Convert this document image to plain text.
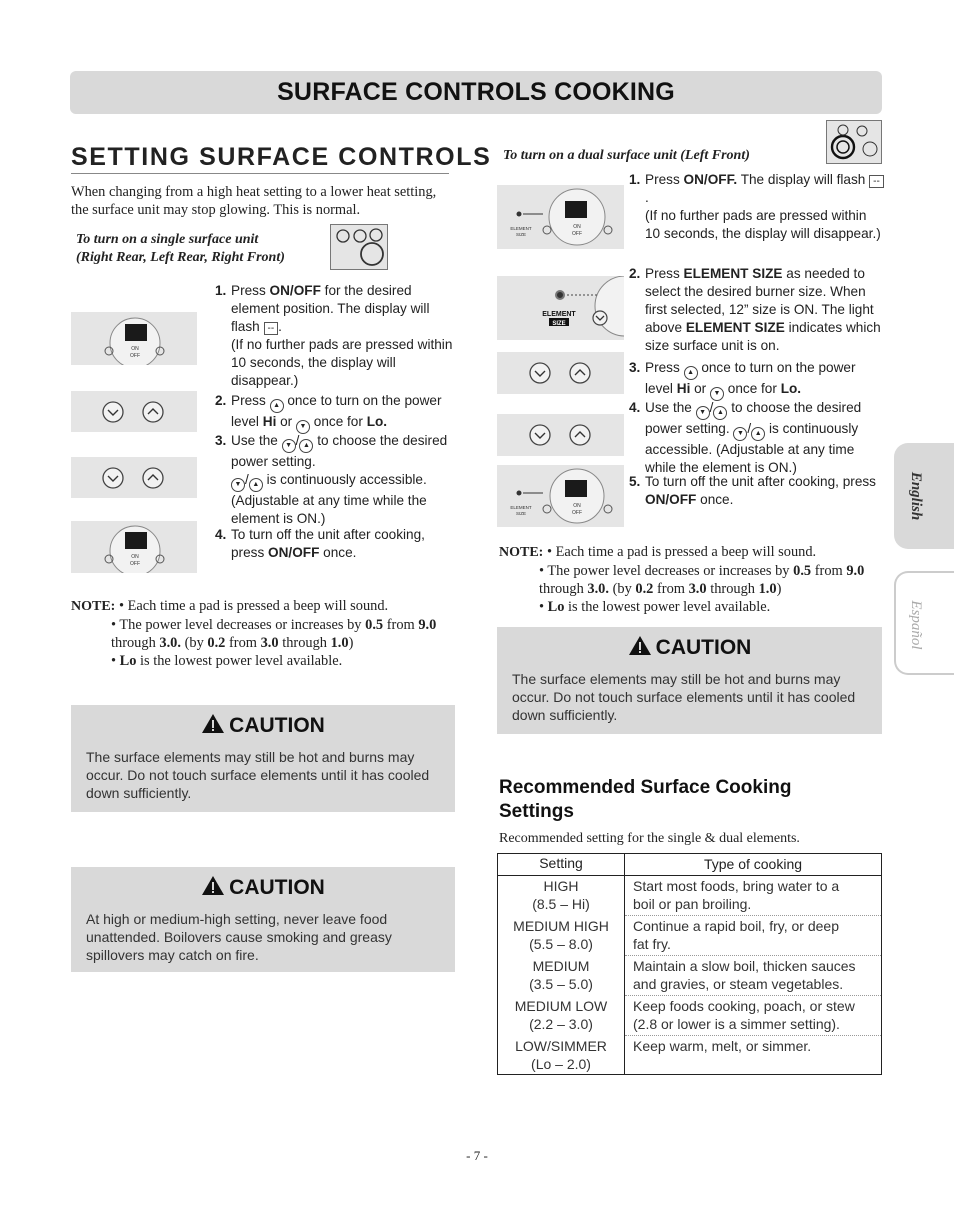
SURFACE CONTROLS COOKING
SETTING SURFACE CONTROLS
When changing from a high heat setting to a lower heat setting, the surface unit may stop glowing. This is normal.
To turn on a single surface unit
(Right Rear, Left Rear, Right Front)
ON
OFF
ON
OFF
1. Press ON/OFF for the desired element position. The display will flash -- .
(If no further pads are pressed within 10 seconds, the display will disappear.)
2. Press ▲ once to turn on the power level Hi or ▼ once for Lo.
3. Use the ▼ / ▲ to choose the desired power setting.
▼ / ▲ is continuously accessible. (Adjustable at any time while the element is ON.)
4. To turn off the unit after cooking, press ON/OFF once.
NOTE: • Each time a pad is pressed a beep will sound.
• The power level decreases or increases by 0.5 from 9.0 through 3.0. (by 0.2 from 3.0 through 1.0)
• Lo is the lowest power level available.
CAUTION
The surface elements may still be hot and burns may occur. Do not touch surface elements until it has cooled down sufficiently.
CAUTION
At high or medium-high setting, never leave food unattended. Boilovers cause smoking and greasy spillovers may catch on fire.
To turn on a dual surface unit (Left Front)
ON
OFF
ELEMENT
SIZE
ELEMENT
SIZE
ON
OFF
ELEMENT
SIZE
1. Press ON/OFF. The display will flash --.
(If no further pads are pressed within 10 seconds, the display will disappear.)
2. Press ELEMENT SIZE as needed to select the desired burner size. When first selected, 12” size is ON. The light above ELEMENT SIZE indicates which size surface unit is on.
3. Press ▲ once to turn on the power level Hi or ▼ once for Lo.
4. Use the ▼ / ▲ to choose the desired power setting. ▼ / ▲ is continuously accessible. (Adjustable at any time while the element is ON.)
5. To turn off the unit after cooking, press ON/OFF once.
NOTE: • Each time a pad is pressed a beep will sound.
• The power level decreases or increases by 0.5 from 9.0 through 3.0. (by 0.2 from 3.0 through 1.0)
• Lo is the lowest power level available.
CAUTION
The surface elements may still be hot and burns may occur. Do not touch surface elements until it has cooled down sufficiently.
Recommended Surface Cooking
Settings
Recommended setting for the single & dual elements.
Setting	Type of cooking
HIGH
(8.5 – Hi)
Start most foods, bring water to a
boil or pan broiling.
MEDIUM HIGH
(5.5 – 8.0)
Continue a rapid boil, fry, or deep
fat fry.
MEDIUM
(3.5 – 5.0)
Maintain a slow boil, thicken sauces
and gravies, or steam vegetables.
MEDIUM LOW
(2.2 – 3.0)
Keep foods cooking, poach, or stew
(2.8 or lower is a simmer setting).
LOW/SIMMER
(Lo – 2.0)
Keep warm, melt, or simmer.
English
Español
- 7 -
